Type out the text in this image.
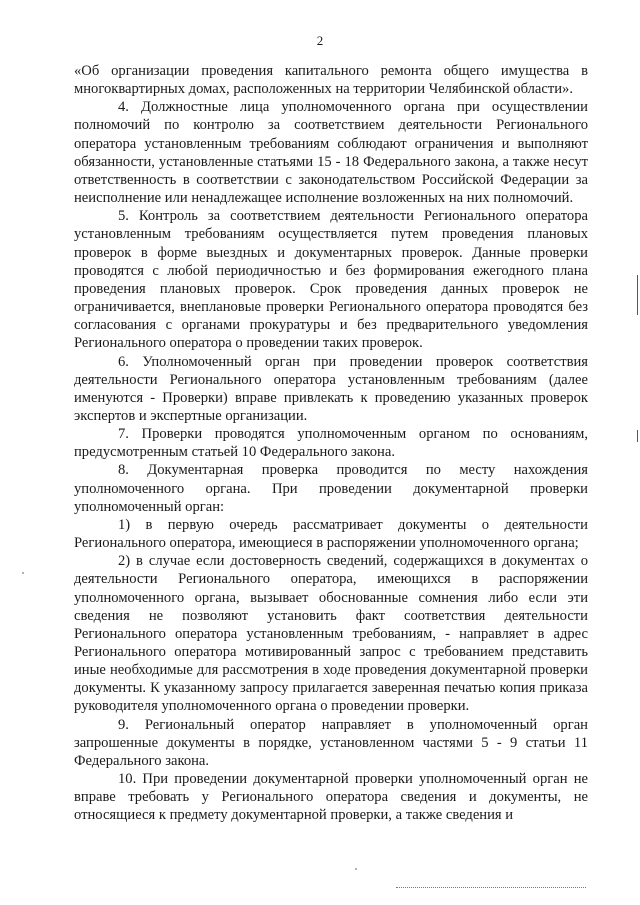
2

«Об организации проведения капитального ремонта общего имущества в многоквартирных домах, расположенных на территории Челябинской области».

4. Должностные лица уполномоченного органа при осуществлении полномочий по контролю за соответствием деятельности Регионального оператора установленным требованиям соблюдают ограничения и выполняют обязанности, установленные статьями 15 - 18 Федерального закона, а также несут ответственность в соответствии с законодательством Российской Федерации за неисполнение или ненадлежащее исполнение возложенных на них полномочий.

5. Контроль за соответствием деятельности Регионального оператора установленным требованиям осуществляется путем проведения плановых проверок в форме выездных и документарных проверок. Данные проверки проводятся с любой периодичностью и без формирования ежегодного плана проведения плановых проверок. Срок проведения данных проверок не ограничивается, внеплановые проверки Регионального оператора проводятся без согласования с органами прокуратуры и без предварительного уведомления Регионального оператора о проведении таких проверок.

6. Уполномоченный орган при проведении проверок соответствия деятельности Регионального оператора установленным требованиям (далее именуются - Проверки) вправе привлекать к проведению указанных проверок экспертов и экспертные организации.

7. Проверки проводятся уполномоченным органом по основаниям, предусмотренным статьей 10 Федерального закона.

8. Документарная проверка проводится по месту нахождения уполномоченного органа. При проведении документарной проверки уполномоченный орган:

1) в первую очередь рассматривает документы о деятельности Регионального оператора, имеющиеся в распоряжении уполномоченного органа;

2) в случае если достоверность сведений, содержащихся в документах о деятельности Регионального оператора, имеющихся в распоряжении уполномоченного органа, вызывает обоснованные сомнения либо если эти сведения не позволяют установить факт соответствия деятельности Регионального оператора установленным требованиям, - направляет в адрес Регионального оператора мотивированный запрос с требованием представить иные необходимые для рассмотрения в ходе проведения документарной проверки документы. К указанному запросу прилагается заверенная печатью копия приказа руководителя уполномоченного органа о проведении проверки.

9. Региональный оператор направляет в уполномоченный орган запрошенные документы в порядке, установленном частями 5 - 9 статьи 11 Федерального закона.

10. При проведении документарной проверки уполномоченный орган не вправе требовать у Регионального оператора сведения и документы, не относящиеся к предмету документарной проверки, а также сведения и
